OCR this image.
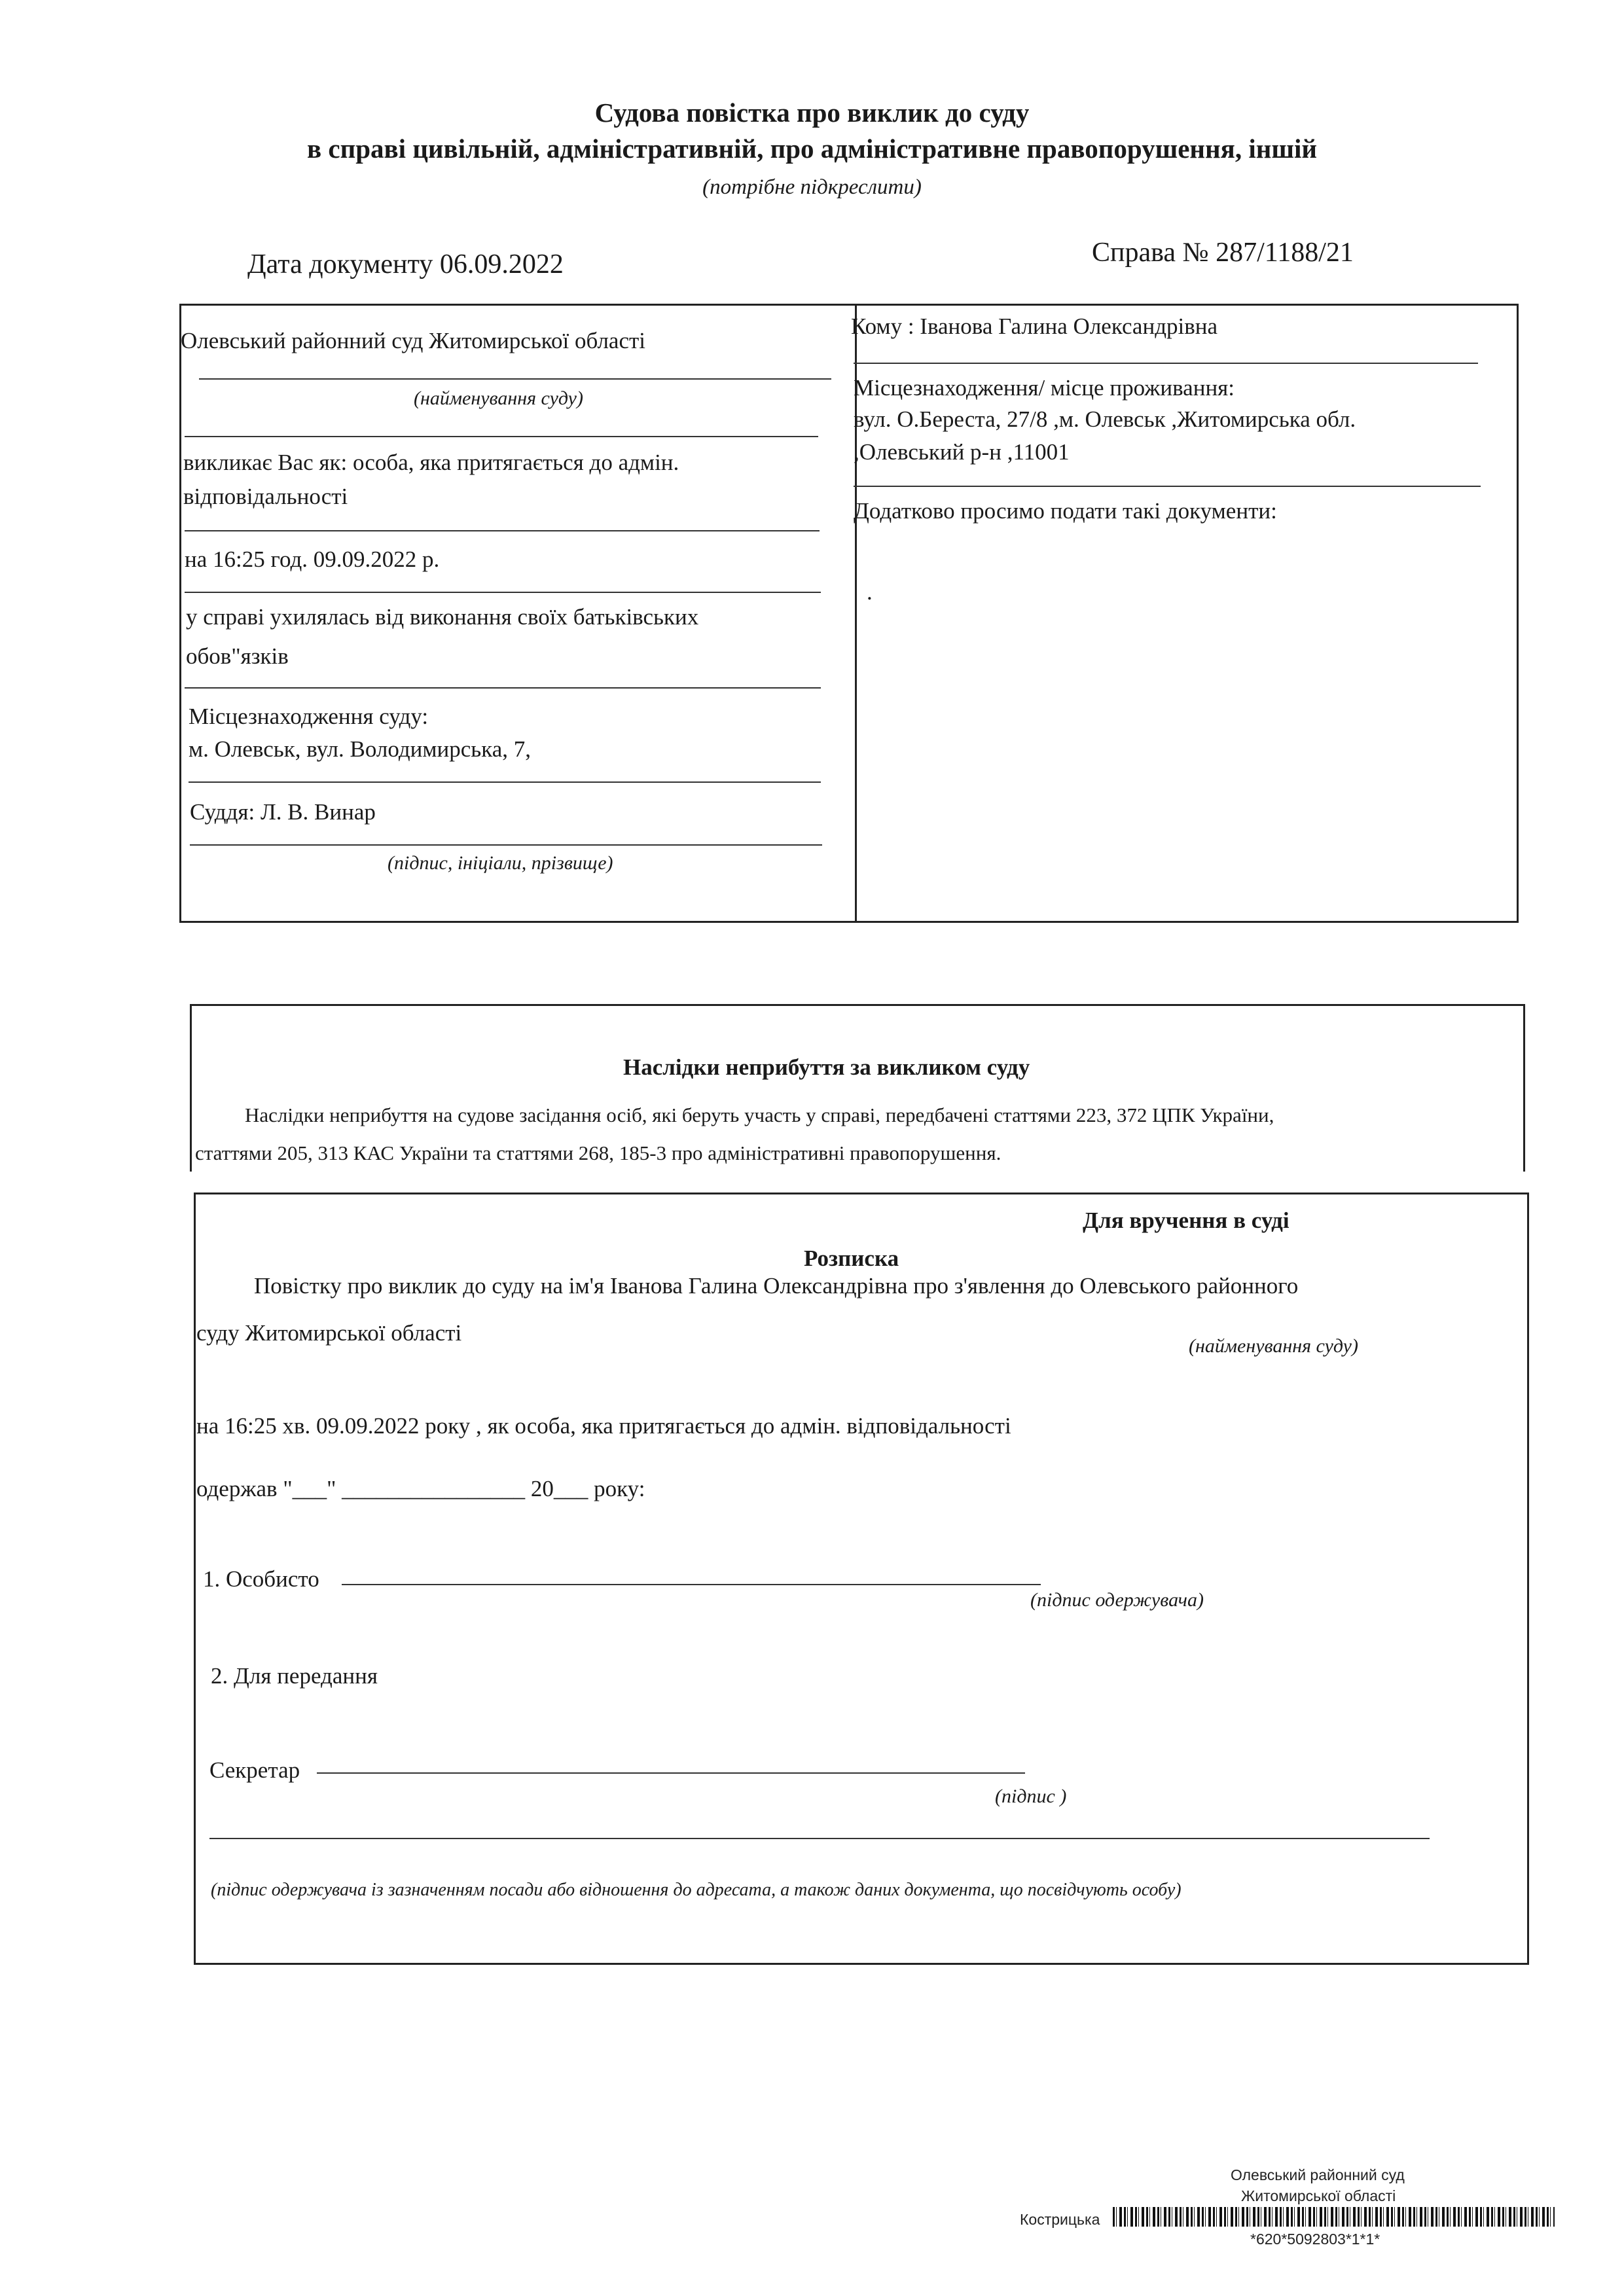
Судова повістка про виклик до суду
в справі цивільній, адміністративній, про адміністративне правопорушення, іншій
(потрібне підкреслити)
Дата документу 06.09.2022	Справа № 287/1188/21
Олевський районний суд Житомирської області
(найменування суду)
викликає Вас як: особа, яка притягається до адмін.
відповідальності
на 16:25 год. 09.09.2022 р.
у справі ухилялась від виконання своїх батьківських
обов"язків
Місцезнаходження суду:
м. Олевськ, вул. Володимирська, 7,
Суддя: Л. В. Винар
(підпис, ініціали, прізвище)
Кому : Іванова Галина Олександрівна
Місцезнаходження/ місце проживання:
вул. О.Береста, 27/8 ,м. Олевськ ,Житомирська обл.
,Олевський р-н ,11001
Додатково просимо подати такі документи:
.
Наслідки неприбуття за викликом суду
Наслідки неприбуття на судове засідання осіб, які беруть участь у справі, передбачені статтями 223, 372 ЦПК України,
статтями 205, 313 КАС України та статтями 268, 185-3 про адміністративні правопорушення.
Для вручення в суді
Розписка
Повістку про виклик до суду на ім'я Іванова Галина Олександрівна про з'явлення до Олевського районного
суду Житомирської області
(найменування суду)
на 16:25 хв. 09.09.2022 року , як особа, яка притягається до адмін. відповідальності
одержав "___" ________________ 20___ року:
1. Особисто
(підпис одержувача)
2. Для передання
Секретар
(підпис )
(підпис одержувача із зазначенням посади або відношення до адресата, а також даних документа, що посвідчують особу)
Олевський районний суд
Житомирської області
Кострицька
*620*5092803*1*1*
